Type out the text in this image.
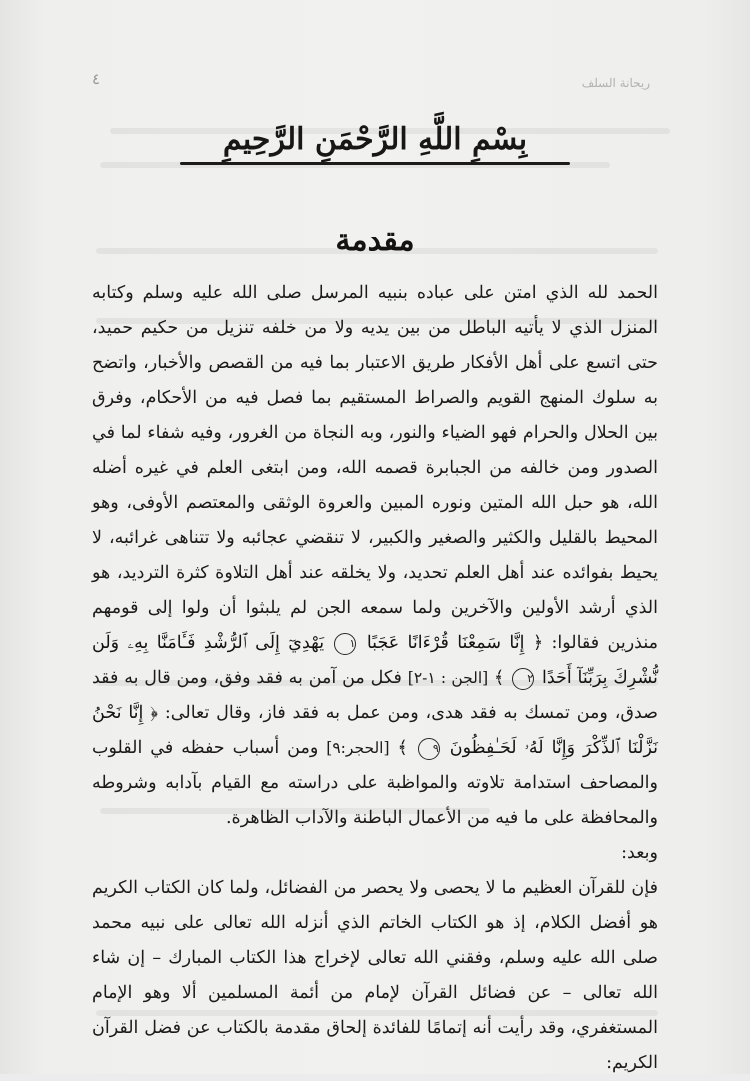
٤	ريحانة السلف
بِسْمِ اللَّهِ الرَّحْمَنِ الرَّحِيمِ
مقدمة

الحمد لله الذي امتن على عباده بنبيه المرسل صلى الله عليه وسلم وكتابه المنزل الذي لا يأتيه الباطل من بين يديه ولا من خلفه تنزيل من حكيم حميد، حتى اتسع على أهل الأفكار طريق الاعتبار بما فيه من القصص والأخبار، واتضح به سلوك المنهج القويم والصراط المستقيم بما فصل فيه من الأحكام، وفرق بين الحلال والحرام فهو الضياء والنور، وبه النجاة من الغرور، وفيه شفاء لما في الصدور ومن خالفه من الجبابرة قصمه الله، ومن ابتغى العلم في غيره أضله الله، هو حبل الله المتين ونوره المبين والعروة الوثقى والمعتصم الأوفى، وهو المحيط بالقليل والكثير والصغير والكبير، لا تنقضي عجائبه ولا تتناهى غرائبه، لا يحيط بفوائده عند أهل العلم تحديد، ولا يخلقه عند أهل التلاوة كثرة الترديد، هو الذي أرشد الأولين والآخرين ولما سمعه الجن لم يلبثوا أن ولوا إلى قومهم منذرين فقالوا: ﴿ إِنَّا سَمِعْنَا قُرْءَانًا عَجَبًا ١ يَهْدِيٓ إِلَى ٱلرُّشْدِ فَـَٔامَنَّا بِهِۦ وَلَن نُّشْرِكَ بِرَبِّنَآ أَحَدًا ٢ ﴾ [الجن : ١-٢] فكل من آمن به فقد وفق، ومن قال به فقد صدق، ومن تمسك به فقد هدى، ومن عمل به فقد فاز، وقال تعالى: ﴿ إِنَّا نَحْنُ نَزَّلْنَا ٱلذِّكْرَ وَإِنَّا لَهُۥ لَحَـٰفِظُونَ ٩ ﴾ [الحجر:٩] ومن أسباب حفظه في القلوب والمصاحف استدامة تلاوته والمواظبة على دراسته مع القيام بآدابه وشروطه والمحافظة على ما فيه من الأعمال الباطنة والآداب الظاهرة.

وبعد:

فإن للقرآن العظيم ما لا يحصى ولا يحصر من الفضائل، ولما كان الكتاب الكريم هو أفضل الكلام، إذ هو الكتاب الخاتم الذي أنزله الله تعالى على نبيه محمد صلى الله عليه وسلم، وفقني الله تعالى لإخراج هذا الكتاب المبارك – إن شاء الله تعالى – عن فضائل القرآن لإمام من أئمة المسلمين ألا وهو الإمام المستغفري، وقد رأيت أنه إتمامًا للفائدة إلحاق مقدمة بالكتاب عن فضل القرآن الكريم:
